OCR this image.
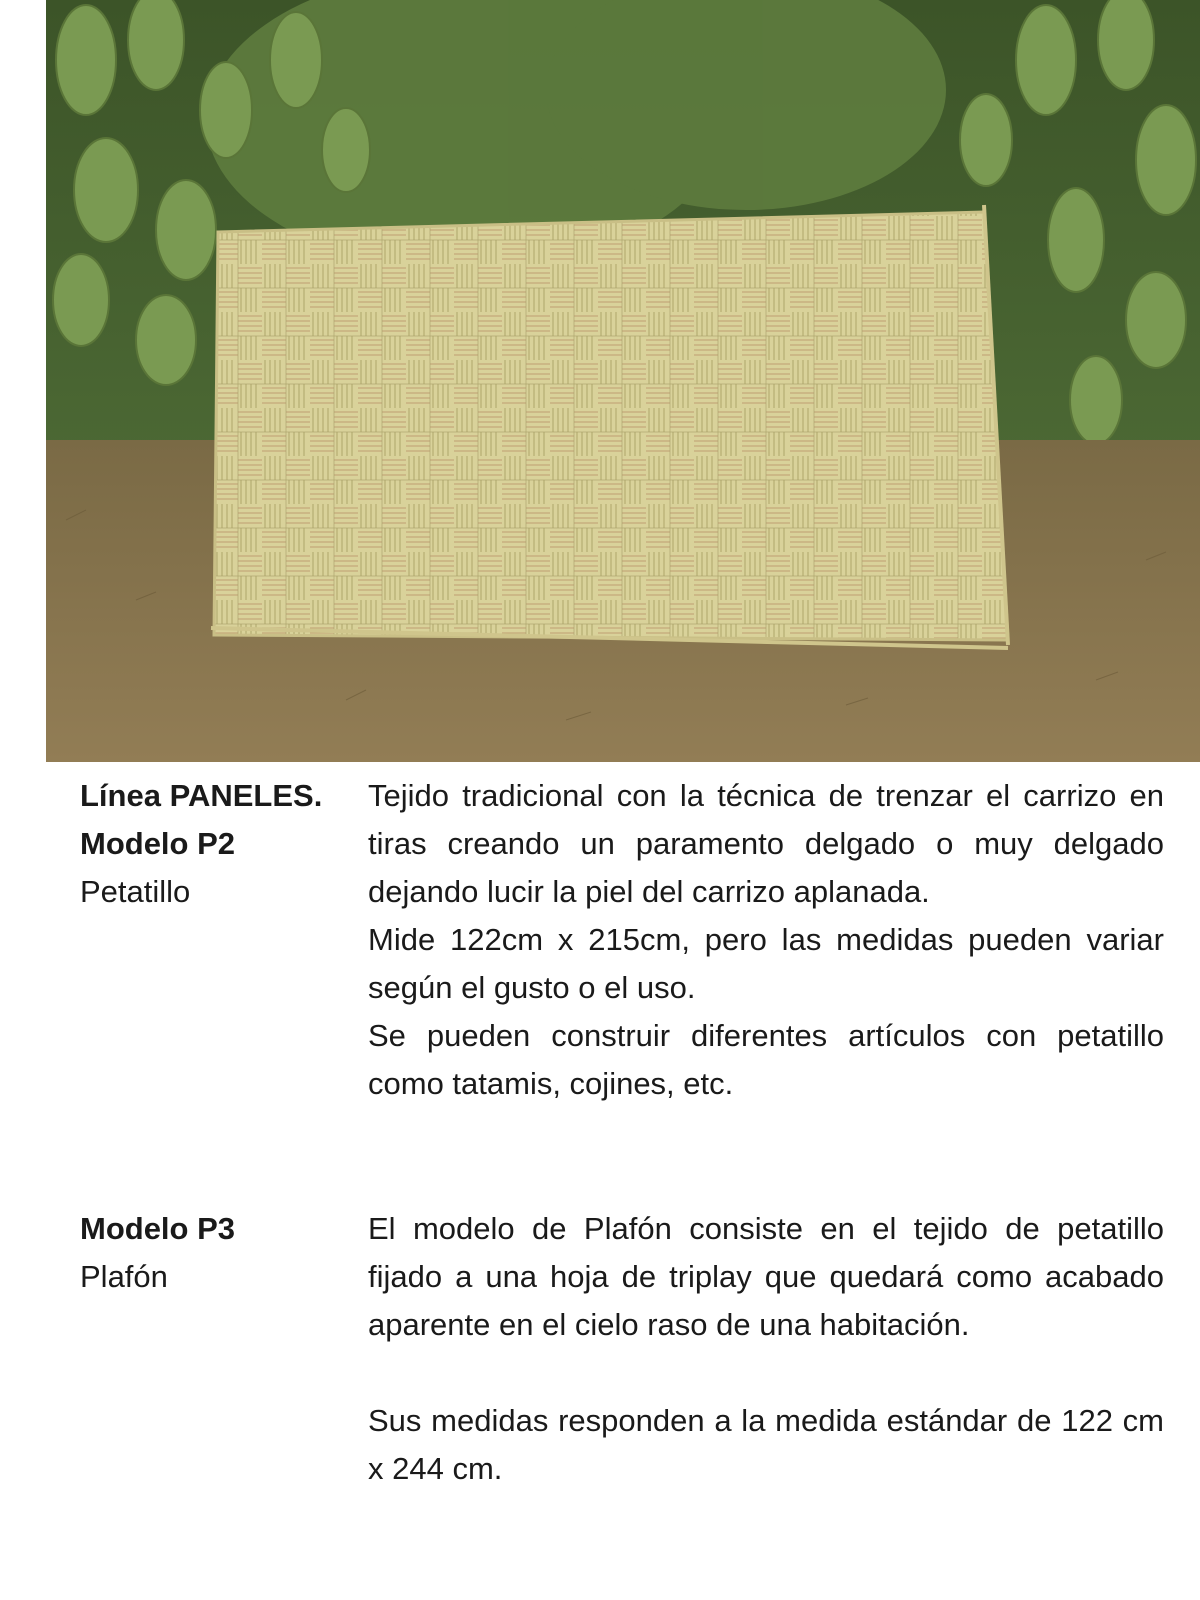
Línea PANELES.
Modelo P2
Petatillo

Tejido tradicional con la técnica de trenzar el carrizo en tiras creando un paramento delgado o muy delgado dejando lucir la piel del carrizo aplanada.

Mide 122cm x 215cm, pero las medidas pueden variar según el gusto o el uso.

Se pueden construir diferentes artículos con petatillo como tatamis, cojines, etc.

Modelo P3
Plafón

El modelo de Plafón consiste en el tejido de petatillo fijado a una hoja de triplay que quedará como acabado aparente en el cielo raso de una habitación.

Sus medidas responden a la medida estándar de 122 cm x 244 cm.
